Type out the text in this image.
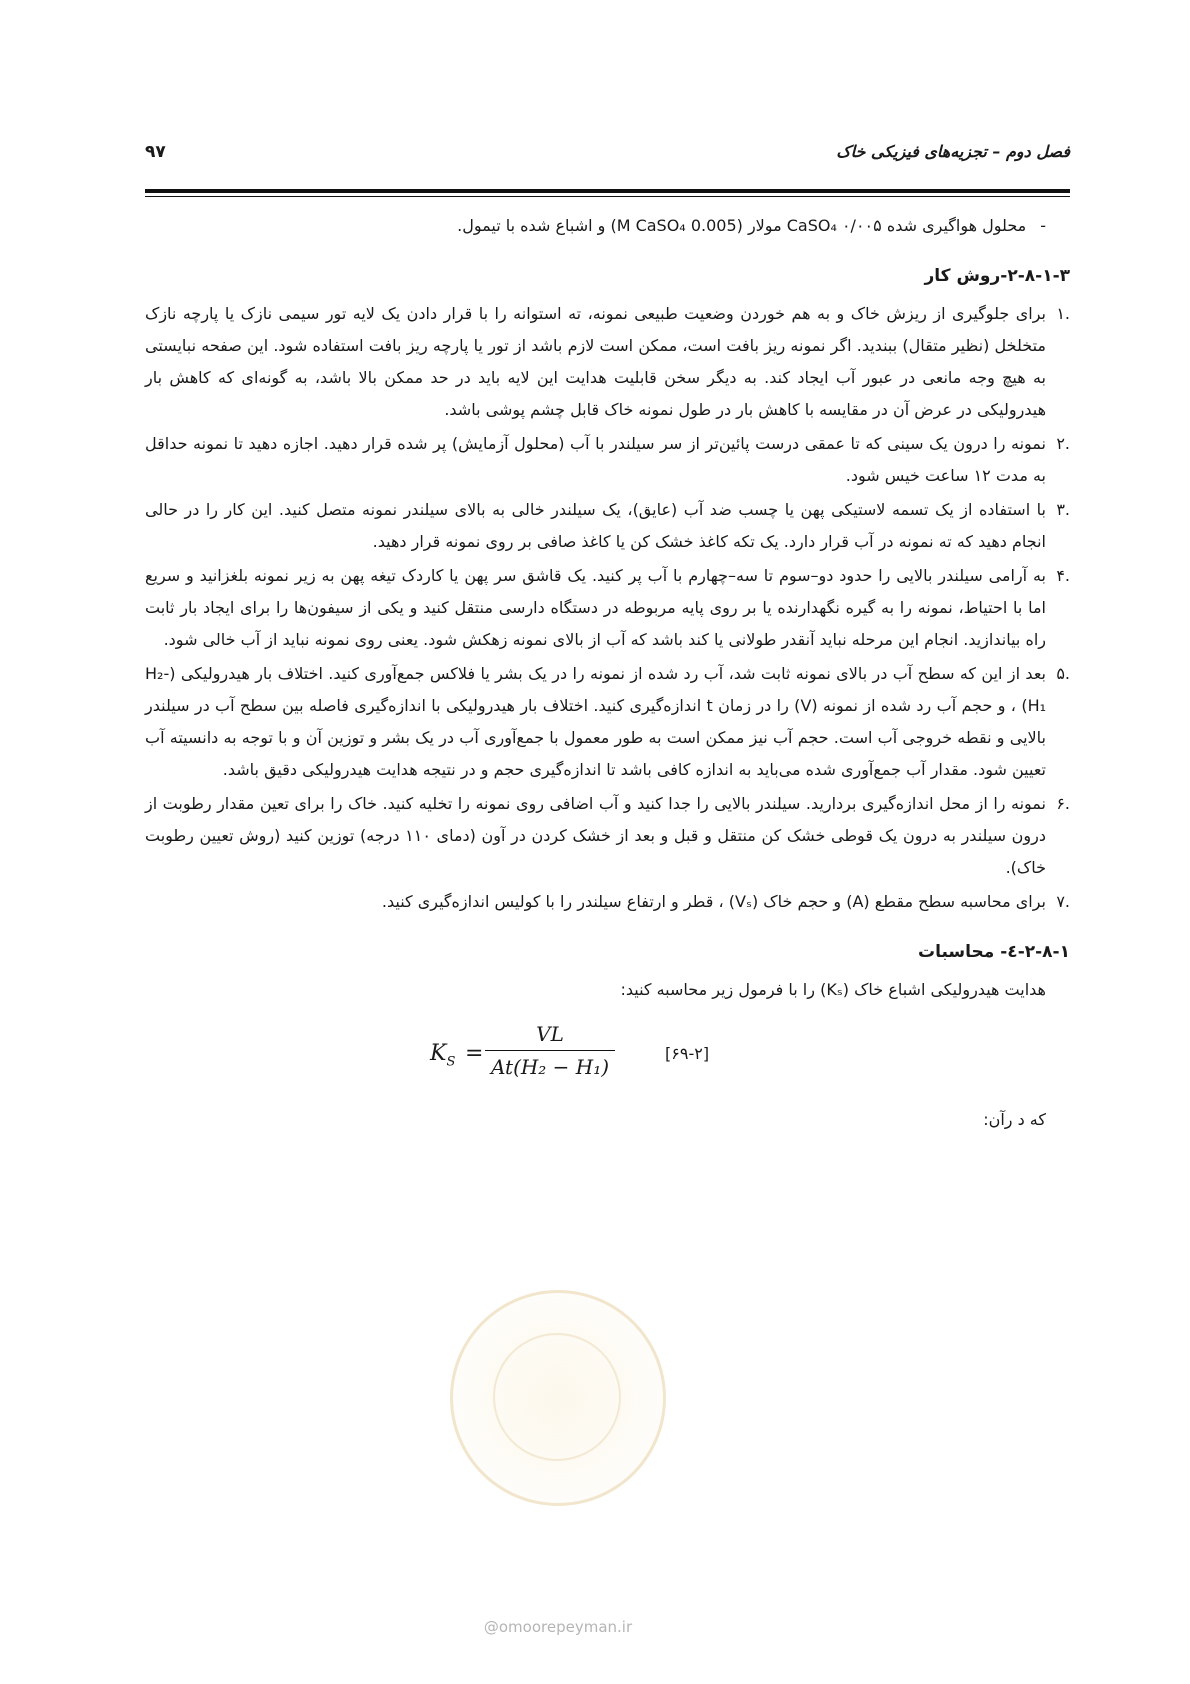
فصل دوم – تجزیه‌های فیزیکی خاک
۹۷
-محلول هواگیری شده CaSO₄ ۰/۰۰۵ مولار (0.005 M CaSO₄) و اشباع شده با تیمول.
۲-۸-۱-۳-روش کار
.۱
برای جلوگیری از ریزش خاک و به هم خوردن وضعیت طبیعی نمونه، ته استوانه را با قرار دادن یک لایه تور سیمی نازک یا پارچه نازک متخلخل (نظیر متقال) ببندید. اگر نمونه ریز بافت است، ممکن است لازم باشد از تور یا پارچه ریز بافت استفاده شود. این صفحه نبایستی به هیچ وجه مانعی در عبور آب ایجاد کند. به دیگر سخن قابلیت هدایت این لایه باید در حد ممکن بالا باشد، به گونه‌ای که کاهش بار هیدرولیکی در عرض آن در مقایسه با کاهش بار در طول نمونه خاک قابل چشم پوشی باشد.
.۲
نمونه را درون یک سینی که تا عمقی درست پائین‌تر از سر سیلندر با آب (محلول آزمایش) پر شده قرار دهید. اجازه دهید تا نمونه حداقل به مدت ۱۲ ساعت خیس شود.
.۳
با استفاده از یک تسمه لاستیکی پهن یا چسب ضد آب (عایق)، یک سیلندر خالی به بالای سیلندر نمونه متصل کنید. این کار را در حالی انجام دهید که ته نمونه در آب قرار دارد. یک تکه کاغذ خشک کن یا کاغذ صافی بر روی نمونه قرار دهید.
.۴
به آرامی سیلندر بالایی را حدود دو–سوم تا سه–چهارم با آب پر کنید. یک قاشق سر پهن یا کاردک تیغه پهن به زیر نمونه بلغزانید و سریع اما با احتیاط، نمونه را به گیره نگهدارنده یا بر روی پایه مربوطه در دستگاه دارسی منتقل کنید و یکی از سیفون‌ها را برای ایجاد بار ثابت راه بیاندازید. انجام این مرحله نباید آنقدر طولانی یا کند باشد که آب از بالای نمونه زهکش شود. یعنی روی نمونه نباید از آب خالی شود.
.۵
بعد از این که سطح آب در بالای نمونه ثابت شد، آب رد شده از نمونه را در یک بشر یا فلاکس جمع‌آوری کنید. اختلاف بار هیدرولیکی (H₂-H₁) ، و حجم آب رد شده از نمونه (V) را در زمان t اندازه‌گیری کنید. اختلاف بار هیدرولیکی با اندازه‌گیری فاصله بین سطح آب در سیلندر بالایی و نقطه خروجی آب است. حجم آب نیز ممکن است به طور معمول با جمع‌آوری آب در یک بشر و توزین آن و با توجه به دانسیته آب تعیین شود. مقدار آب جمع‌آوری شده می‌باید به اندازه کافی باشد تا اندازه‌گیری حجم و در نتیجه هدایت هیدرولیکی دقیق باشد.
.۶
نمونه را از محل اندازه‌گیری بردارید. سیلندر بالایی را جدا کنید و آب اضافی روی نمونه را تخلیه کنید. خاک را برای تعین مقدار رطوبت از درون سیلندر به درون یک قوطی خشک کن منتقل و قبل و بعد از خشک کردن در آون (دمای ۱۱۰ درجه) توزین کنید (روش تعیین رطوبت خاک).
.۷
برای محاسبه سطح مقطع (A) و حجم خاک (Vₛ) ، قطر و ارتفاع سیلندر را با کولیس اندازه‌گیری کنید.
۲-۸-۱-٤- محاسبات
هدایت هیدرولیکی اشباع خاک (Kₛ) را با فرمول زیر محاسبه کنید:
$K_S$ =
VL
At(H₂ − H₁)
[۶۹-۲]
که د رآن:
@omoorepeyman.ir
